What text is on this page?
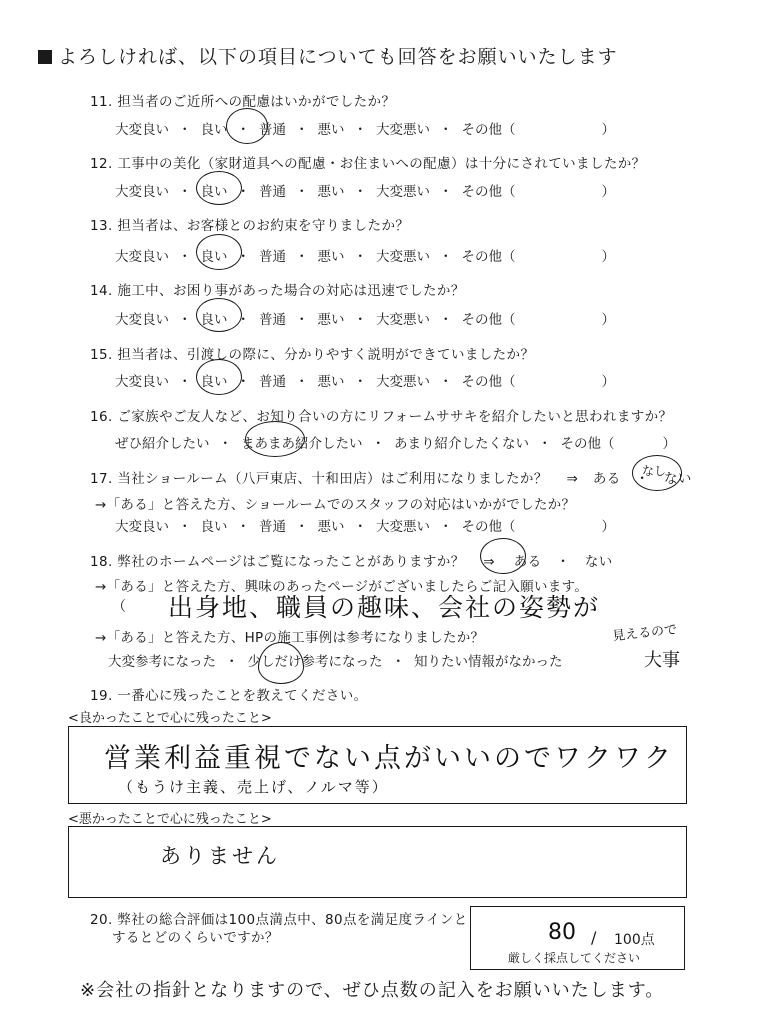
よろしければ、以下の項目についても回答をお願いいたします
11. 担当者のご近所への配慮はいかがでしたか？
大変良い ・ 良い ・ 普通 ・ 悪い ・ 大変悪い ・ その他（	）
12. 工事中の美化（家財道具への配慮・お住まいへの配慮）は十分にされていましたか？
大変良い ・ 良い ・ 普通 ・ 悪い ・ 大変悪い ・ その他（	）
13. 担当者は、お客様とのお約束を守りましたか？
大変良い ・ 良い ・ 普通 ・ 悪い ・ 大変悪い ・ その他（	）
14. 施工中、お困り事があった場合の対応は迅速でしたか？
大変良い ・ 良い ・ 普通 ・ 悪い ・ 大変悪い ・ その他（	）
15. 担当者は、引渡しの際に、分かりやすく説明ができていましたか？
大変良い ・ 良い ・ 普通 ・ 悪い ・ 大変悪い ・ その他（	）
16. ご家族やご友人など、お知り合いの方にリフォームササキを紹介したいと思われますか？
ぜひ紹介したい ・ まあまあ紹介したい ・ あまり紹介したくない ・ その他（	）
17. 当社ショールーム（八戸東店、十和田店）はご利用になりましたか？ ⇒ ある ・ ない
なし
→「ある」と答えた方、ショールームでのスタッフの対応はいかがでしたか？
大変良い ・ 良い ・ 普通 ・ 悪い ・ 大変悪い ・ その他（	）
18. 弊社のホームページはご覧になったことがありますか？ ⇒ ある ・ ない
→「ある」と答えた方、興味のあったページがございましたらご記入願います。
（ 出身地、職員の趣味、会社の姿勢が
見えるので
大事
→「ある」と答えた方、HPの施工事例は参考になりましたか？
大変参考になった ・ 少しだけ参考になった ・ 知りたい情報がなかった
19. 一番心に残ったことを教えてください。
<良かったことで心に残ったこと>
営業利益重視でない点がいいのでワクワク
（もうけ主義、売上げ、ノルマ等）
<悪かったことで心に残ったこと>
ありません
20. 弊社の総合評価は100点満点中、80点を満足度ラインと
するとどのくらいですか？	80 / 100点
厳しく採点してください
※会社の指針となりますので、ぜひ点数の記入をお願いいたします。
